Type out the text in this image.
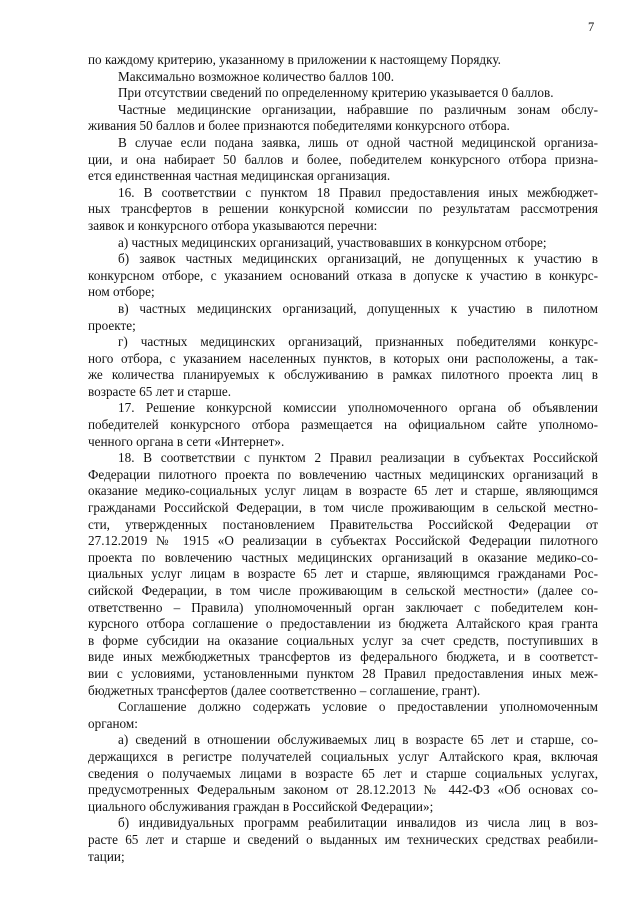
7
по каждому критерию, указанному в приложении к настоящему Порядку.
Максимально возможное количество баллов 100.
При отсутствии сведений по определенному критерию указывается 0 баллов.
Частные медицинские организации, набравшие по различным зонам обслу-
живания 50 баллов и более признаются победителями конкурсного отбора.
В случае если подана заявка, лишь от одной частной медицинской организа-
ции, и она набирает 50 баллов и более, победителем конкурсного отбора призна-
ется единственная частная медицинская организация.
16. В соответствии с пунктом 18 Правил предоставления иных межбюджет-
ных трансфертов в решении конкурсной комиссии по результатам рассмотрения
заявок и конкурсного отбора указываются перечни:
а) частных медицинских организаций, участвовавших в конкурсном отборе;
б) заявок частных медицинских организаций, не допущенных к участию в
конкурсном отборе, с указанием оснований отказа в допуске к участию в конкурс-
ном отборе;
в) частных медицинских организаций, допущенных к участию в пилотном
проекте;
г) частных медицинских организаций, признанных победителями конкурс-
ного отбора, с указанием населенных пунктов, в которых они расположены, а так-
же количества планируемых к обслуживанию в рамках пилотного проекта лиц в
возрасте 65 лет и старше.
17. Решение конкурсной комиссии уполномоченного органа об объявлении
победителей конкурсного отбора размещается на официальном сайте уполномо-
ченного органа в сети «Интернет».
18. В соответствии с пунктом 2 Правил реализации в субъектах Российской
Федерации пилотного проекта по вовлечению частных медицинских организаций в
оказание медико-социальных услуг лицам в возрасте 65 лет и старше, являющимся
гражданами Российской Федерации, в том числе проживающим в сельской местно-
сти, утвержденных постановлением Правительства Российской Федерации от
27.12.2019 № 1915 «О реализации в субъектах Российской Федерации пилотного
проекта по вовлечению частных медицинских организаций в оказание медико-со-
циальных услуг лицам в возрасте 65 лет и старше, являющимся гражданами Рос-
сийской Федерации, в том числе проживающим в сельской местности» (далее со-
ответственно – Правила) уполномоченный орган заключает с победителем кон-
курсного отбора соглашение о предоставлении из бюджета Алтайского края гранта
в форме субсидии на оказание социальных услуг за счет средств, поступивших в
виде иных межбюджетных трансфертов из федерального бюджета, и в соответст-
вии с условиями, установленными пунктом 28 Правил предоставления иных меж-
бюджетных трансфертов (далее соответственно – соглашение, грант).
Соглашение должно содержать условие о предоставлении уполномоченным
органом:
а) сведений в отношении обслуживаемых лиц в возрасте 65 лет и старше, со-
держащихся в регистре получателей социальных услуг Алтайского края, включая
сведения о получаемых лицами в возрасте 65 лет и старше социальных услугах,
предусмотренных Федеральным законом от 28.12.2013 № 442-ФЗ «Об основах со-
циального обслуживания граждан в Российской Федерации»;
б) индивидуальных программ реабилитации инвалидов из числа лиц в воз-
расте 65 лет и старше и сведений о выданных им технических средствах реабили-
тации;
